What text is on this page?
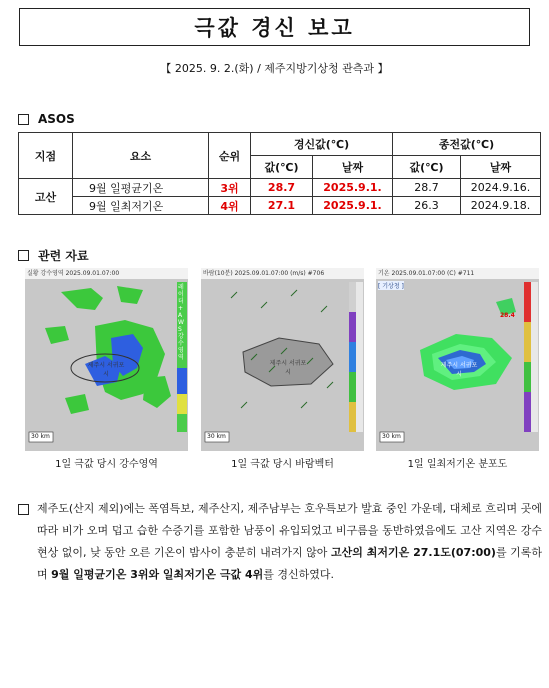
극값 경신 보고
【 2025. 9. 2.(화) / 제주지방기상청 관측과 】
ASOS
지점	요소	순위	경신값(℃)		종전값(℃)	
			값(℃)	날짜	값(℃)	날짜
고산	9월 일평균기온	3위	28.7	2025.9.1.	28.7	2024.9.16.
	9월 일최저기온	4위	27.1	2025.9.1.	26.3	2024.9.18.
관련 자료
실황 강수영역 2025.09.01.07:00
레이더+AWS 강수영역
제주시 서귀포시
30 km
바람(10분) 2025.09.01.07:00 (m/s) #706
제주시 서귀포시
30 km
기온 2025.09.01.07:00 (C) #711
[ 기상청 ]
28.4
제주시 서귀포시
30 km
1일 극값 당시 강수영역	1일 극값 당시 바람벡터	1일 일최저기온 분포도
제주도(산지 제외)에는 폭염특보, 제주산지, 제주남부는 호우특보가 발효 중인 가운데, 대체로 흐리며 곳에 따라 비가 오며 덥고 습한 수증기를 포함한 남풍이 유입되었고 비구름을 동반하였음에도 고산 지역은 강수현상 없이, 낮 동안 오른 기온이 밤사이 충분히 내려가지 않아 고산의 최저기온 27.1도(07:00)를 기록하며 9월 일평균기온 3위와 일최저기온 극값 4위를 경신하였다.
